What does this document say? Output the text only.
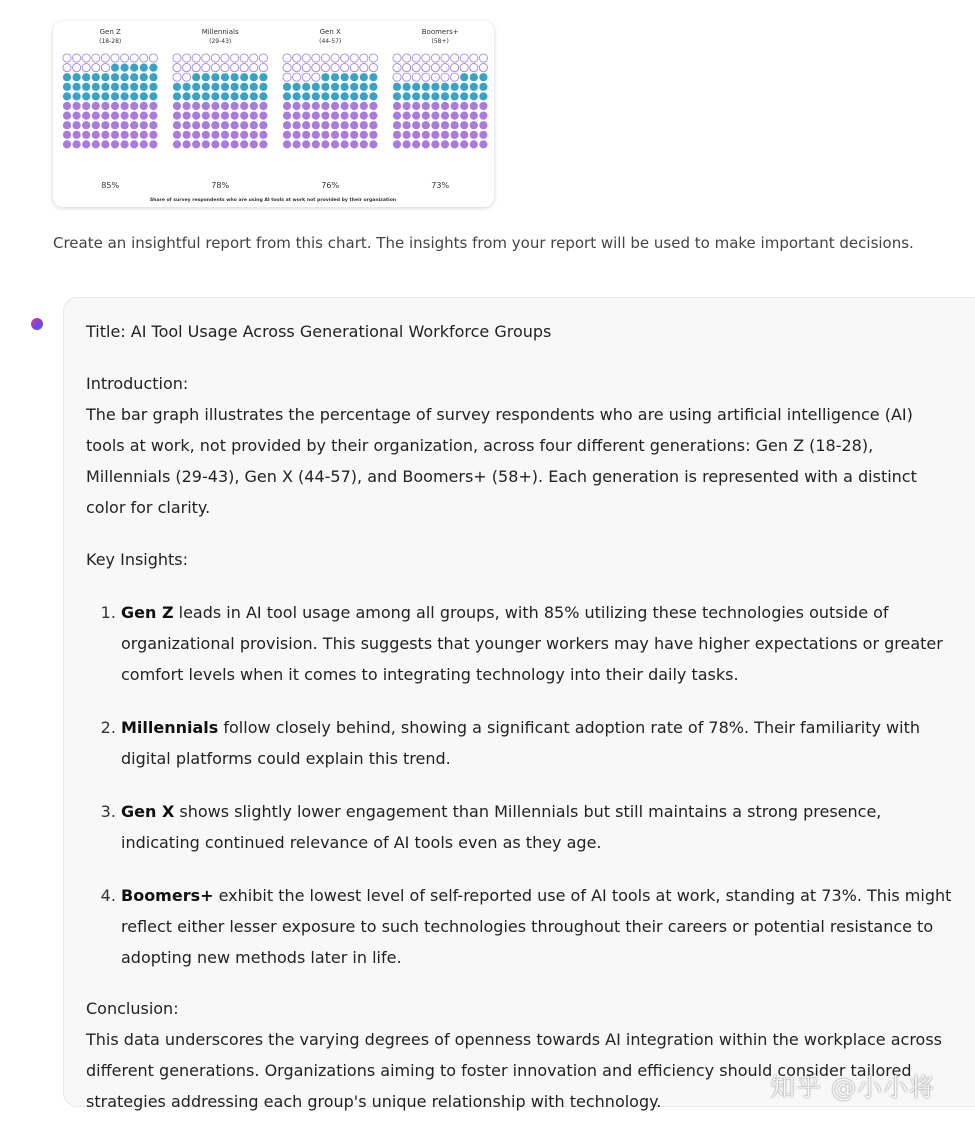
Gen Z
(18-28)
85%
Millennials
(29-43)
78%
Gen X
(44-57)
76%
Boomers+
(58+)
73%
Share of survey respondents who are using AI tools at work not provided by their organization
Create an insightful report from this chart. The insights from your report will be used to make important decisions.

Title: AI Tool Usage Across Generational Workforce Groups

Introduction:

The bar graph illustrates the percentage of survey respondents who are using artificial intelligence (AI) tools at work, not provided by their organization, across four different generations: Gen Z (18-28), Millennials (29-43), Gen X (44-57), and Boomers+ (58+). Each generation is represented with a distinct color for clarity.

Key Insights:

1. Gen Z leads in AI tool usage among all groups, with 85% utilizing these technologies outside of organizational provision. This suggests that younger workers may have higher expectations or greater comfort levels when it comes to integrating technology into their daily tasks.
2. Millennials follow closely behind, showing a significant adoption rate of 78%. Their familiarity with digital platforms could explain this trend.
3. Gen X shows slightly lower engagement than Millennials but still maintains a strong presence, indicating continued relevance of AI tools even as they age.
4. Boomers+ exhibit the lowest level of self-reported use of AI tools at work, standing at 73%. This might reflect either lesser exposure to such technologies throughout their careers or potential resistance to adopting new methods later in life.

Conclusion:

This data underscores the varying degrees of openness towards AI integration within the workplace across different generations. Organizations aiming to foster innovation and efficiency should consider tailored strategies addressing each group's unique relationship with technology.	知乎 @小小将
